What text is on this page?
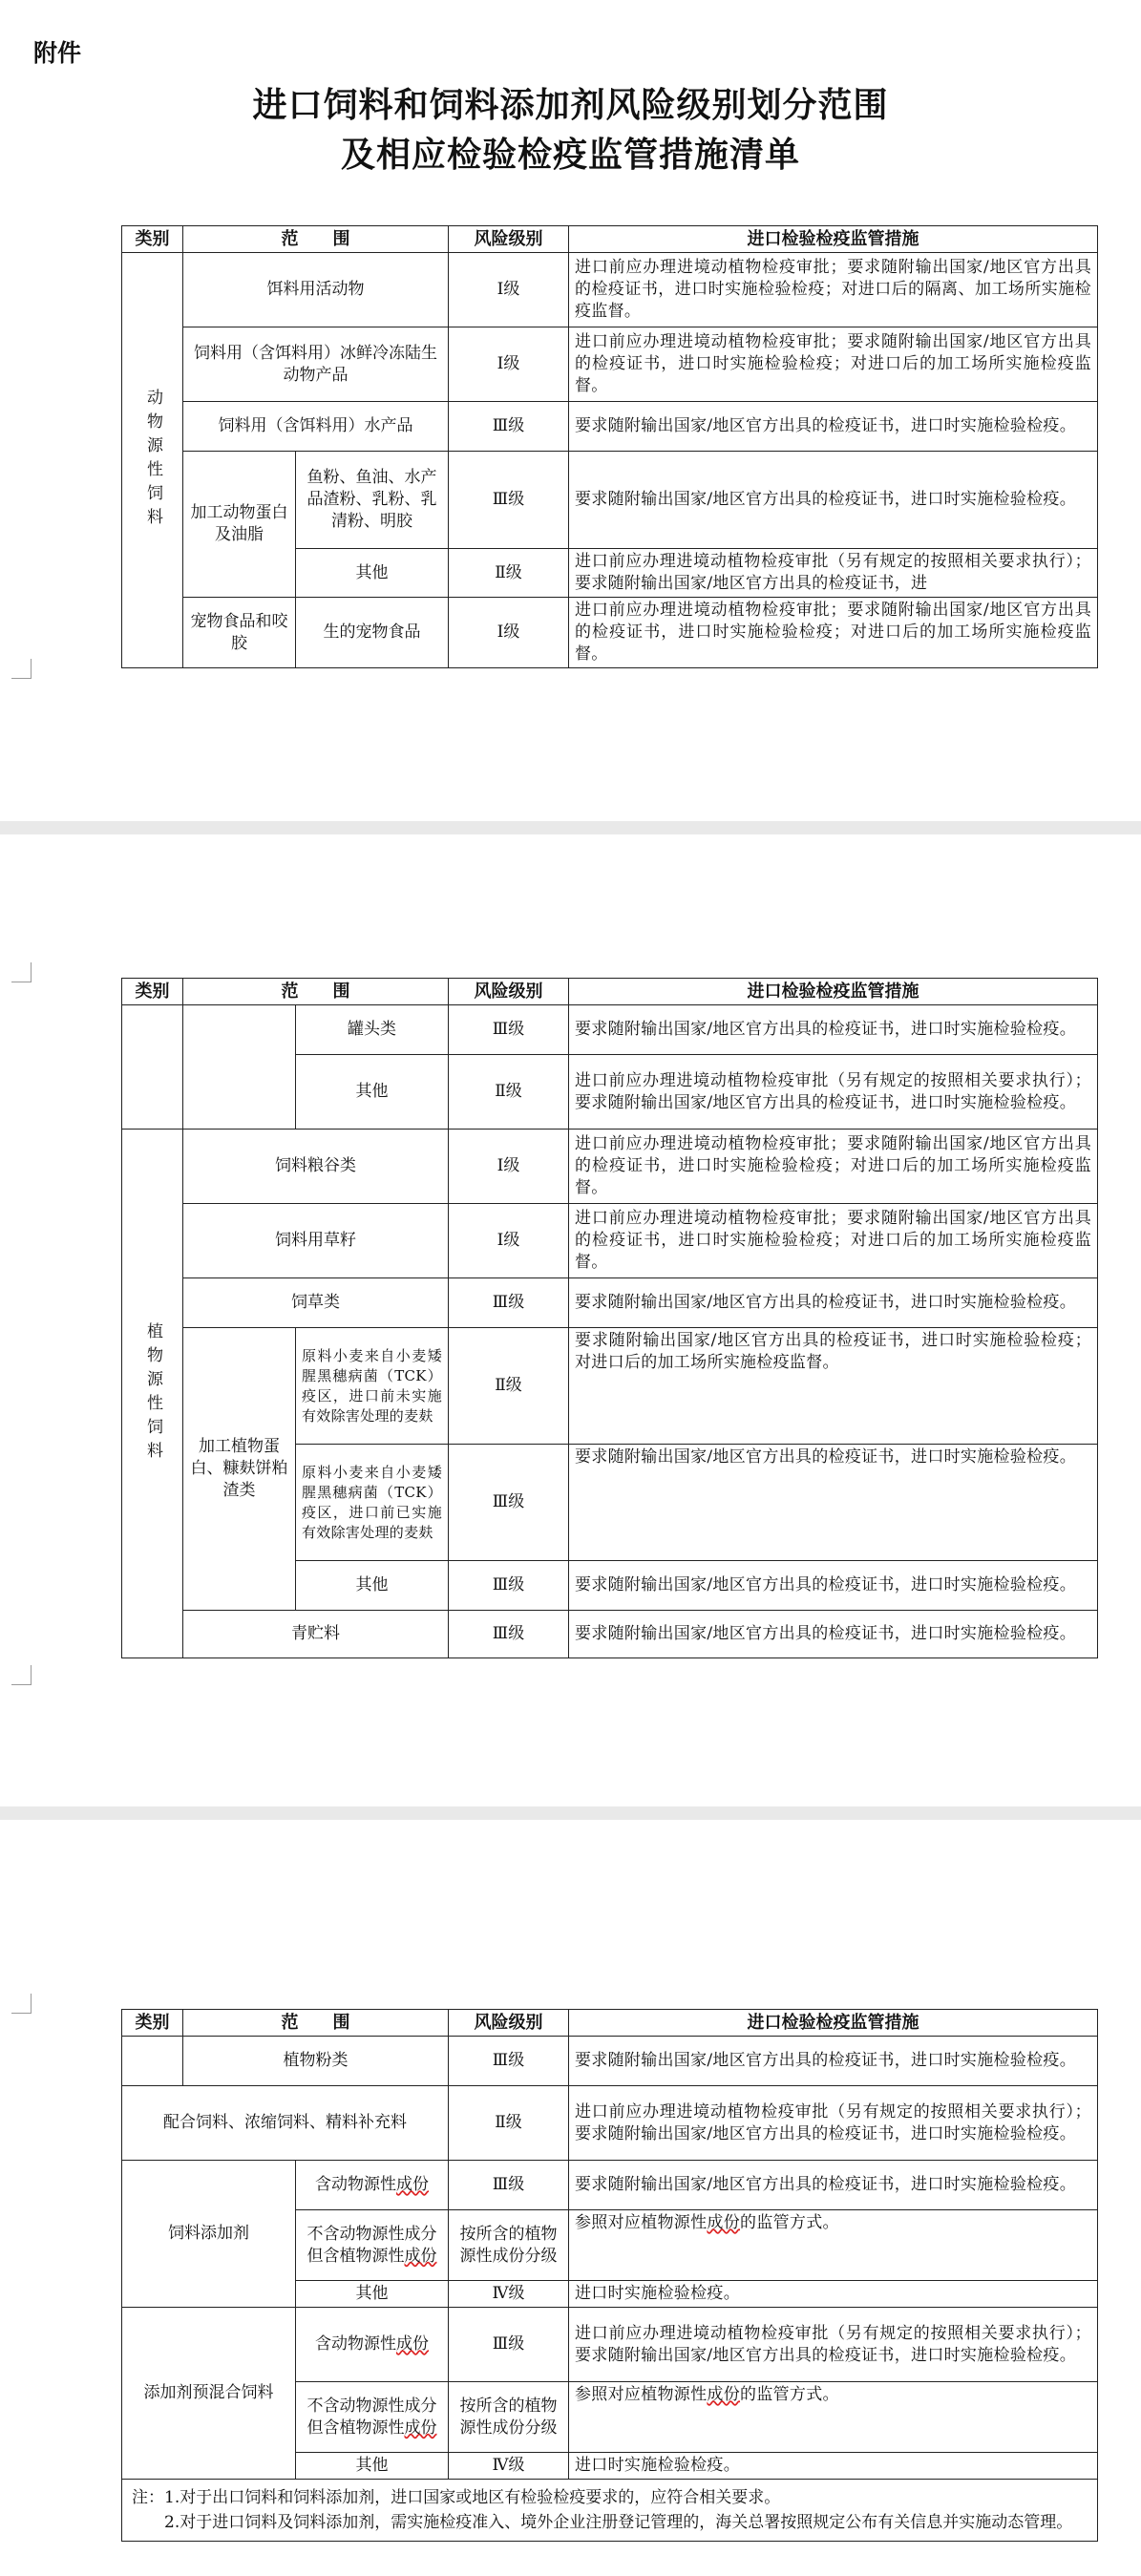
附件
进口饲料和饲料添加剂风险级别划分范围
及相应检验检疫监管措施清单
类别	范　　围		风险级别	进口检验检疫监管措施
动物源性饲料	饵料用活动物		Ⅰ级	进口前应办理进境动植物检疫审批；要求随附输出国家/地区官方出具的检疫证书，进口时实施检验检疫；对进口后的隔离、加工场所实施检疫监督。
	饲料用（含饵料用）冰鲜冷冻陆生动物产品		Ⅰ级	进口前应办理进境动植物检疫审批；要求随附输出国家/地区官方出具的检疫证书，进口时实施检验检疫；对进口后的加工场所实施检疫监督。
	饲料用（含饵料用）水产品		Ⅲ级	要求随附输出国家/地区官方出具的检疫证书，进口时实施检验检疫。
	加工动物蛋白及油脂	鱼粉、鱼油、水产品渣粉、乳粉、乳清粉、明胶	Ⅲ级	要求随附输出国家/地区官方出具的检疫证书，进口时实施检验检疫。
		其他	Ⅱ级	进口前应办理进境动植物检疫审批（另有规定的按照相关要求执行）；要求随附输出国家/地区官方出具的检疫证书，进
	宠物食品和咬胶	生的宠物食品	Ⅰ级	进口前应办理进境动植物检疫审批；要求随附输出国家/地区官方出具的检疫证书，进口时实施检验检疫；对进口后的加工场所实施检疫监督。
类别	范　　围		风险级别	进口检验检疫监管措施
		罐头类	Ⅲ级	要求随附输出国家/地区官方出具的检疫证书，进口时实施检验检疫。
		其他	Ⅱ级	进口前应办理进境动植物检疫审批（另有规定的按照相关要求执行）；要求随附输出国家/地区官方出具的检疫证书，进口时实施检验检疫。
植物源性饲料	饲料粮谷类		Ⅰ级	进口前应办理进境动植物检疫审批；要求随附输出国家/地区官方出具的检疫证书，进口时实施检验检疫；对进口后的加工场所实施检疫监督。
	饲料用草籽		Ⅰ级	进口前应办理进境动植物检疫审批；要求随附输出国家/地区官方出具的检疫证书，进口时实施检验检疫；对进口后的加工场所实施检疫监督。
	饲草类		Ⅲ级	要求随附输出国家/地区官方出具的检疫证书，进口时实施检验检疫。
	加工植物蛋白、糠麸饼粕渣类	原料小麦来自小麦矮腥黑穗病菌（TCK）疫区，进口前未实施有效除害处理的麦麸	Ⅱ级	要求随附输出国家/地区官方出具的检疫证书，进口时实施检验检疫；对进口后的加工场所实施检疫监督。
		原料小麦来自小麦矮腥黑穗病菌（TCK）疫区，进口前已实施有效除害处理的麦麸	Ⅲ级	要求随附输出国家/地区官方出具的检疫证书，进口时实施检验检疫。
		其他	Ⅲ级	要求随附输出国家/地区官方出具的检疫证书，进口时实施检验检疫。
	青贮料		Ⅲ级	要求随附输出国家/地区官方出具的检疫证书，进口时实施检验检疫。
类别	范　　围		风险级别	进口检验检疫监管措施
	植物粉类		Ⅲ级	要求随附输出国家/地区官方出具的检疫证书，进口时实施检验检疫。
配合饲料、浓缩饲料、精料补充料			Ⅱ级	进口前应办理进境动植物检疫审批（另有规定的按照相关要求执行）；要求随附输出国家/地区官方出具的检疫证书，进口时实施检验检疫。
饲料添加剂		含动物源性成份	Ⅲ级	要求随附输出国家/地区官方出具的检疫证书，进口时实施检验检疫。
		不含动物源性成分但含植物源性成份	按所含的植物源性成份分级	参照对应植物源性成份的监管方式。
		其他	Ⅳ级	进口时实施检验检疫。
添加剂预混合饲料		含动物源性成份	Ⅲ级	进口前应办理进境动植物检疫审批（另有规定的按照相关要求执行）；要求随附输出国家/地区官方出具的检疫证书，进口时实施检验检疫。
		不含动物源性成分但含植物源性成份	按所含的植物源性成份分级	参照对应植物源性成份的监管方式。
		其他	Ⅳ级	进口时实施检验检疫。

注：1.对于出口饲料和饲料添加剂，进口国家或地区有检验检疫要求的，应符合相关要求。
2.对于进口饲料及饲料添加剂，需实施检疫准入、境外企业注册登记管理的，海关总署按照规定公布有关信息并实施动态管理。				
